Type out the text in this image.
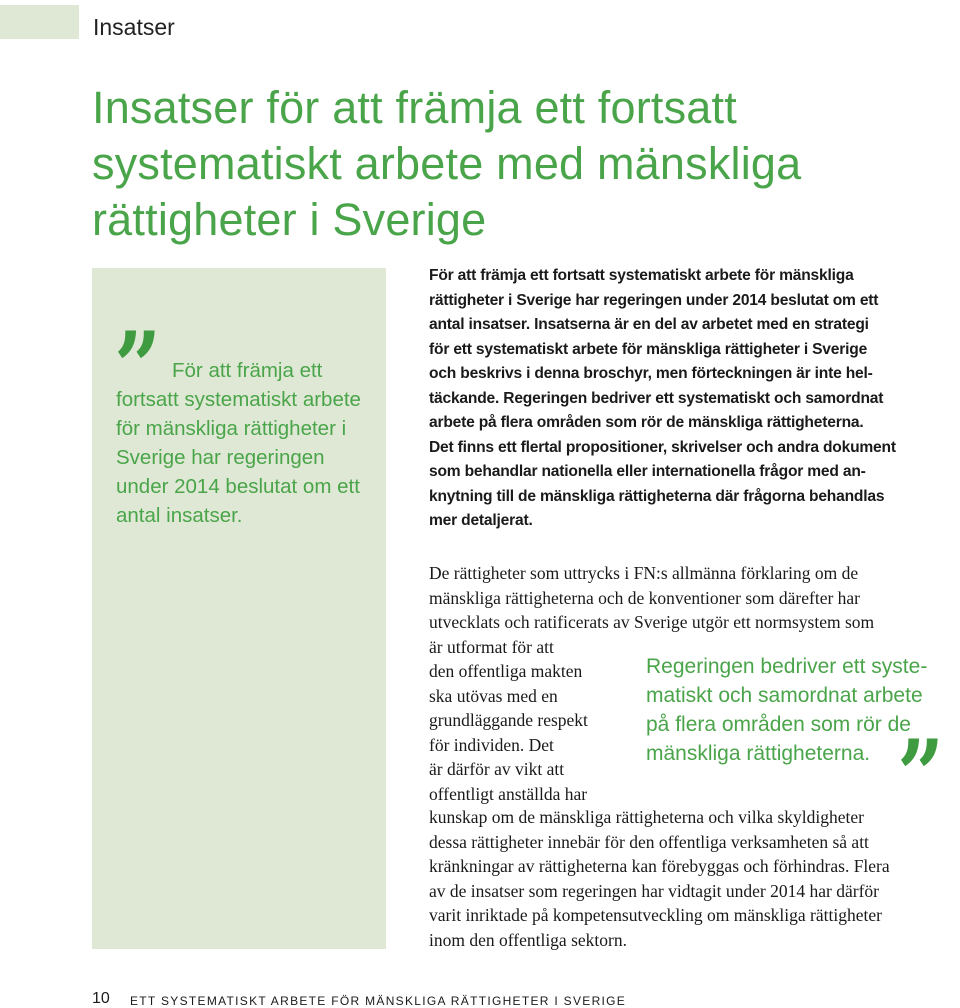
Insatser
Insatser för att främja ett fortsatt systematiskt arbete med mänskliga rättigheter i Sverige
” För att främja ett fortsatt systematiskt arbete för mänskliga rättigheter i Sverige har regeringen under 2014 beslutat om ett antal insatser.

För att främja ett fortsatt systematiskt arbete för mänskliga
rättigheter i Sverige har regeringen under 2014 beslutat om ett
antal insatser. Insatserna är en del av arbetet med en strategi
för ett systematiskt arbete för mänskliga rättigheter i Sverige
och beskrivs i denna broschyr, men förteckningen är inte hel-
täckande. Regeringen bedriver ett systematiskt och samordnat
arbete på flera områden som rör de mänskliga rättigheterna.
Det finns ett flertal propositioner, skrivelser och andra dokument
som behandlar nationella eller internationella frågor med an-
knytning till de mänskliga rättigheterna där frågorna behandlas
mer detaljerat.

De rättigheter som uttrycks i FN:s allmänna förklaring om de
mänskliga rättigheterna och de konventioner som därefter har
utvecklats och ratificerats av Sverige utgör ett normsystem som
är utformat för att
den offentliga makten
ska utövas med en
grundläggande respekt
för individen. Det
är därför av vikt att
offentligt anställda har

Regeringen bedriver ett syste-
matiskt och samordnat arbete
på flera områden som rör de
mänskliga rättigheterna. ”

kunskap om de mänskliga rättigheterna och vilka skyldigheter
dessa rättigheter innebär för den offentliga verksamheten så att
kränkningar av rättigheterna kan förebyggas och förhindras. Flera
av de insatser som regeringen har vidtagit under 2014 har därför
varit inriktade på kompetensutveckling om mänskliga rättigheter
inom den offentliga sektorn.

10 ETT SYSTEMATISKT ARBETE FÖR MÄNSKLIGA RÄTTIGHETER I SVERIGE
